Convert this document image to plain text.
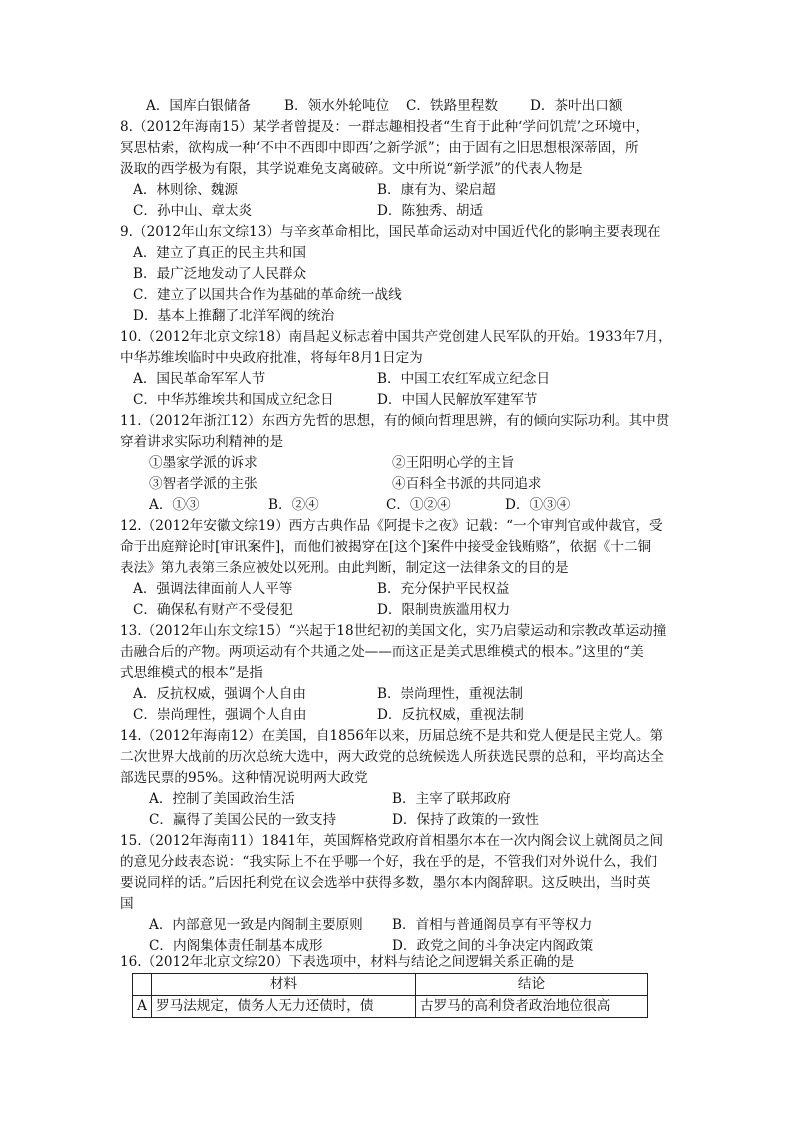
A．国库白银储备 B．领水外轮吨位 C．铁路里程数 D．茶叶出口额
8.（2012年海南15）某学者曾提及：一群志趣相投者“生育于此种‘学问饥荒’之环境中，
冥思枯索，欲构成一种‘不中不西即中即西’之新学派”；由于固有之旧思想根深蒂固，所
汲取的西学极为有限，其学说难免支离破碎。文中所说“新学派”的代表人物是
A．林则徐、魏源	B．康有为、梁启超
C．孙中山、章太炎	D．陈独秀、胡适
9.（2012年山东文综13）与辛亥革命相比，国民革命运动对中国近代化的影响主要表现在
A．建立了真正的民主共和国
B．最广泛地发动了人民群众
C．建立了以国共合作为基础的革命统一战线
D．基本上推翻了北洋军阀的统治
10.（2012年北京文综18）南昌起义标志着中国共产党创建人民军队的开始。1933年7月，
中华苏维埃临时中央政府批准，将每年8月1日定为
A．国民革命军军人节	B．中国工农红军成立纪念日
C．中华苏维埃共和国成立纪念日	D．中国人民解放军建军节
11.（2012年浙江12）东西方先哲的思想，有的倾向哲理思辨，有的倾向实际功利。其中贯
穿着讲求实际功利精神的是
①墨家学派的诉求	②王阳明心学的主旨
③智者学派的主张	④百科全书派的共同追求
A．①③	B．②④	C．①②④	D．①③④
12.（2012年安徽文综19）西方古典作品《阿提卡之夜》记载：“一个审判官或仲裁官，受
命于出庭辩论时[审讯案件]，而他们被揭穿在[这个]案件中接受金钱贿赂”，依据《十二铜
表法》第九表第三条应被处以死刑。由此判断，制定这一法律条文的目的是
A．强调法律面前人人平等	B．充分保护平民权益
C．确保私有财产不受侵犯	D．限制贵族滥用权力
13.（2012年山东文综15）“兴起于18世纪初的美国文化，实乃启蒙运动和宗教改革运动撞
击融合后的产物。两项运动有个共通之处——而这正是美式思维模式的根本。”这里的“美
式思维模式的根本”是指
A．反抗权威，强调个人自由	B．崇尚理性，重视法制
C．崇尚理性，强调个人自由	D．反抗权威，重视法制
14.（2012年海南12）在美国，自1856年以来，历届总统不是共和党人便是民主党人。第
二次世界大战前的历次总统大选中，两大政党的总统候选人所获选民票的总和，平均高达全
部选民票的95%。这种情况说明两大政党
A．控制了美国政治生活	B．主宰了联邦政府
C．赢得了美国公民的一致支持	D．保持了政策的一致性
15.（2012年海南11）1841年，英国辉格党政府首相墨尔本在一次内阁会议上就阁员之间
的意见分歧表态说：“我实际上不在乎哪一个好，我在乎的是，不管我们对外说什么，我们
要说同样的话。”后因托利党在议会选举中获得多数，墨尔本内阁辞职。这反映出，当时英
国
A．内部意见一致是内阁制主要原则 B．首相与普通阁员享有平等权力
C．内阁集体责任制基本成形	D．政党之间的斗争决定内阁政策
16.（2012年北京文综20）下表选项中，材料与结论之间逻辑关系正确的是
	材料	结论
A	罗马法规定，债务人无力还债时，债	古罗马的高利贷者政治地位很高
